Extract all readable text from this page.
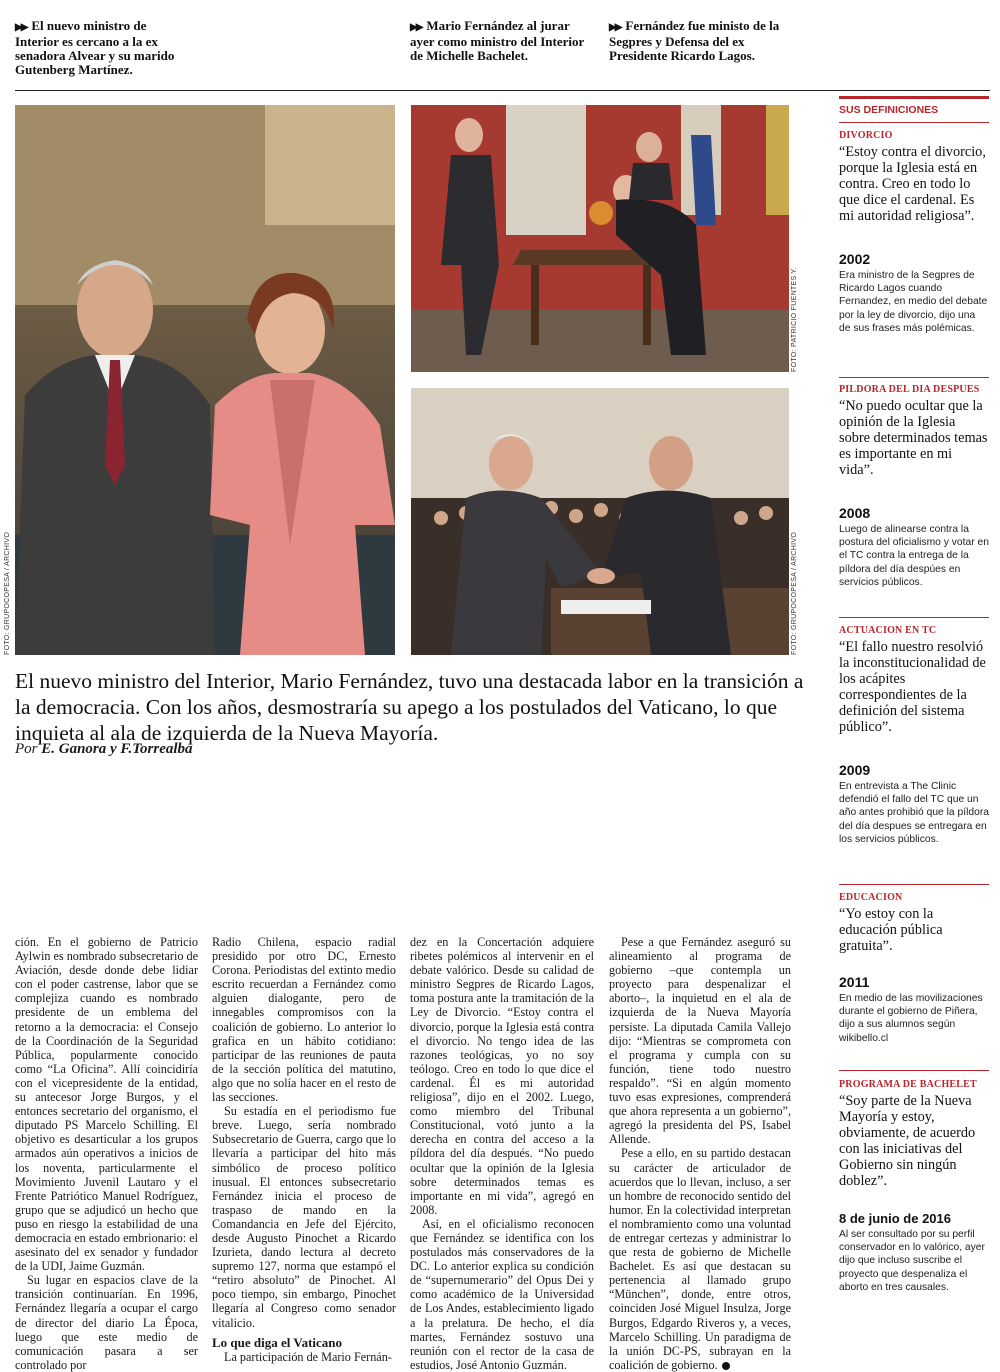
▶▶ El nuevo ministro de Interior es cercano a la ex senadora Alvear y su marido Gutenberg Martínez.
▶▶ Mario Fernández al jurar ayer como ministro del Interior de Michelle Bachelet.
▶▶ Fernández fue ministo de la Segpres y Defensa del ex Presidente Ricardo Lagos.
FOTO: GRUPOCOPESA / ARCHIVO
FOTO: PATRICIO FUENTES Y.
FOTO: GRUPOCOPESA / ARCHIVO
El nuevo ministro del Interior, Mario Fernández, tuvo una destacada labor en la transición a la democracia. Con los años, desmostraría su apego a los postulados del Vaticano, lo que inquieta al ala de izquierda de la Nueva Mayoría.
Por E. Ganora y F.Torrealba

ción. En el gobierno de Patricio Aylwin es nombrado subsecretario de Aviación, desde donde debe lidiar con el poder castrense, labor que se complejiza cuando es nombrado presidente de un emblema del retorno a la democracia: el Consejo de la Coordinación de la Seguridad Pública, popularmente conocido como “La Oficina”. Allí coincidiría con el vicepresidente de la entidad, su antecesor Jorge Burgos, y el entonces secretario del organismo, el diputado PS Marcelo Schilling. El objetivo es desarticular a los grupos armados aún operativos a inicios de los noventa, particularmente el Movimiento Juvenil Lautaro y el Frente Patriótico Manuel Rodríguez, grupo que se adjudicó un hecho que puso en riesgo la estabilidad de una democracia en estado embrionario: el asesinato del ex senador y fundador de la UDI, Jaime Guzmán.

Su lugar en espacios clave de la transición continuarían. En 1996, Fernández llegaría a ocupar el cargo de director del diario La Época, luego que este medio de comunicación pasara a ser controlado por

Radio Chilena, espacio radial presidido por otro DC, Ernesto Corona. Periodistas del extinto medio escrito recuerdan a Fernández como alguien dialogante, pero de innegables compromisos con la coalición de gobierno. Lo anterior lo grafica en un hábito cotidiano: participar de las reuniones de pauta de la sección política del matutino, algo que no solía hacer en el resto de las secciones.

Su estadía en el periodismo fue breve. Luego, sería nombrado Subsecretario de Guerra, cargo que lo llevaría a participar del hito más simbólico de proceso político inusual. El entonces subsecretario Fernández inicia el proceso de traspaso de mando en la Comandancia en Jefe del Ejército, desde Augusto Pinochet a Ricardo Izurieta, dando lectura al decreto supremo 127, norma que estampó el “retiro absoluto” de Pinochet. Al poco tiempo, sin embargo, Pinochet llegaría al Congreso como senador vitalicio.

Lo que diga el Vaticano

La participación de Mario Fernán-

dez en la Concertación adquiere ribetes polémicos al intervenir en el debate valórico. Desde su calidad de ministro Segpres de Ricardo Lagos, toma postura ante la tramitación de la Ley de Divorcio. “Estoy contra el divorcio, porque la Iglesia está contra el divorcio. No tengo idea de las razones teológicas, yo no soy teólogo. Creo en todo lo que dice el cardenal. Él es mi autoridad religiosa”, dijo en el 2002. Luego, como miembro del Tribunal Constitucional, votó junto a la derecha en contra del acceso a la píldora del día después. “No puedo ocultar que la opinión de la Iglesia sobre determinados temas es importante en mi vida”, agregó en 2008.

Así, en el oficialismo reconocen que Fernández se identifica con los postulados más conservadores de la DC. Lo anterior explica su condición de “supernumerario” del Opus Dei y como académico de la Universidad de Los Andes, establecimiento ligado a la prelatura. De hecho, el día martes, Fernández sostuvo una reunión con el rector de la casa de estudios, José Antonio Guzmán.

Pese a que Fernández aseguró su alineamiento al programa de gobierno –que contempla un proyecto para despenalizar el aborto–, la inquietud en el ala de izquierda de la Nueva Mayoría persiste. La diputada Camila Vallejo dijo: “Mientras se comprometa con el programa y cumpla con su función, tiene todo nuestro respaldo”. “Si en algún momento tuvo esas expresiones, comprenderá que ahora representa a un gobierno”, agregó la presidenta del PS, Isabel Allende.

Pese a ello, en su partido destacan su carácter de articulador de acuerdos que lo llevan, incluso, a ser un hombre de reconocido sentido del humor. En la colectividad interpretan el nombramiento como una voluntad de entregar certezas y administrar lo que resta de gobierno de Michelle Bachelet. Es así que destacan su pertenencia al llamado grupo “München”, donde, entre otros, coinciden José Miguel Insulza, Jorge Burgos, Edgardo Riveros y, a veces, Marcelo Schilling. Un paradigma de la unión DC-PS, subrayan en la coalición de gobierno.

SUS DEFINICIONES
DIVORCIO
“Estoy contra el divorcio, porque la Iglesia está en contra. Creo en todo lo que dice el cardenal. Es mi autoridad religiosa”.
2002
Era ministro de la Segpres de Ricardo Lagos cuando Fernandez, en medio del debate por la ley de divorcio, dijo una de sus frases más polémicas.
PILDORA DEL DIA DESPUES
“No puedo ocultar que la opinión de la Iglesia sobre determinados temas es importante en mi vida”.
2008
Luego de alinearse contra la postura del oficialismo y votar en el TC contra la entrega de la píldora del día despúes en servicios públicos.
ACTUACION EN TC
“El fallo nuestro resolvió la inconstitucionalidad de los acápites correspondientes de la definición del sistema público”.
2009
En entrevista a The Clinic defendió el fallo del TC que un año antes prohibió que la píldora del día despues se entregara en los servicios públicos.
EDUCACION
“Yo estoy con la educación pública gratuita”.
2011
En medio de las movilizaciones durante el gobierno de Piñera, dijo a sus alumnos según wikibello.cl
PROGRAMA DE BACHELET
“Soy parte de la Nueva Mayoría y estoy, obviamente, de acuerdo con las iniciativas del Gobierno sin ningún doblez”.
8 de junio de 2016
Al ser consultado por su perfil conservador en lo valórico, ayer dijo que incluso suscribe el proyecto que despenaliza el aborto en tres causales.
